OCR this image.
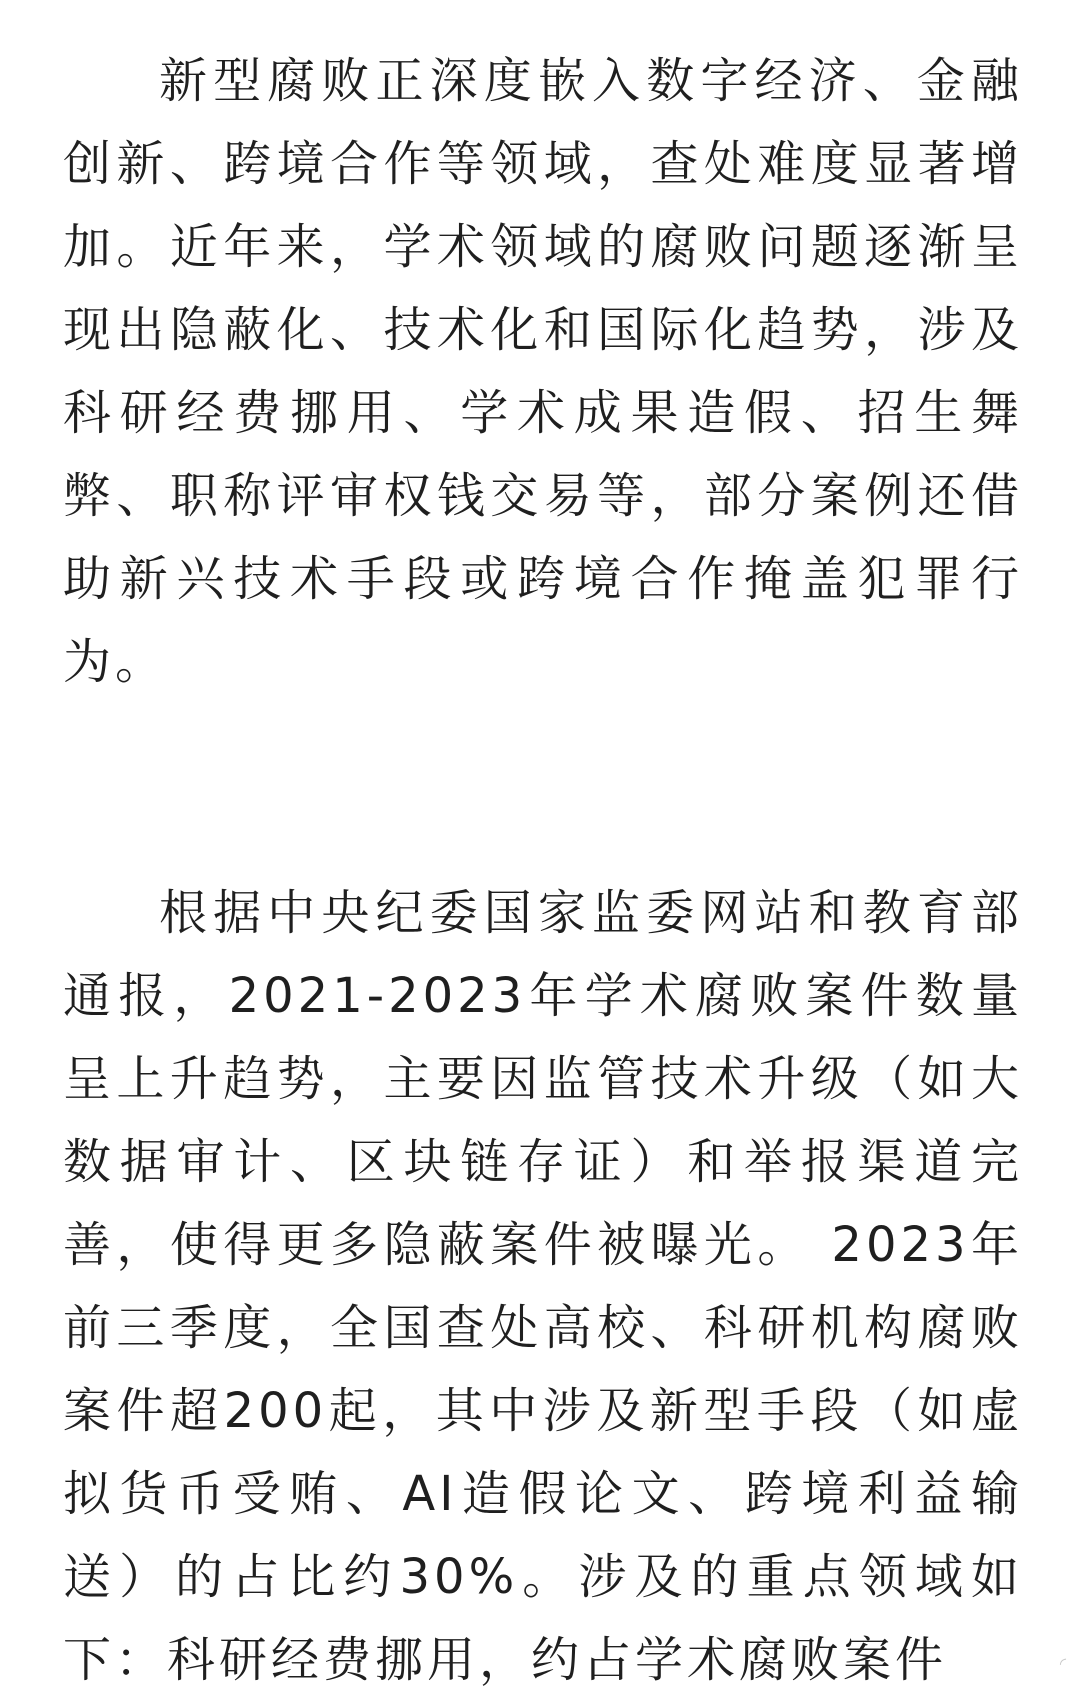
新型腐败正深度嵌入数字经济、金融创新、跨境合作等领域，查处难度显著增加。近年来，学术领域的腐败问题逐渐呈现出隐蔽化、技术化和国际化趋势，涉及科研经费挪用、学术成果造假、招生舞弊、职称评审权钱交易等，部分案例还借助新兴技术手段或跨境合作掩盖犯罪行为。

根据中央纪委国家监委网站和教育部通报，2021-2023年学术腐败案件数量呈上升趋势，主要因监管技术升级（如大数据审计、区块链存证）和举报渠道完善，使得更多隐蔽案件被曝光。 2023年前三季度，全国查处高校、科研机构腐败案件超200起，其中涉及新型手段（如虚拟货币受贿、AI造假论文、跨境利益输送）的占比约30%。涉及的重点领域如下：科研经费挪用，约占学术腐败案件	◜
